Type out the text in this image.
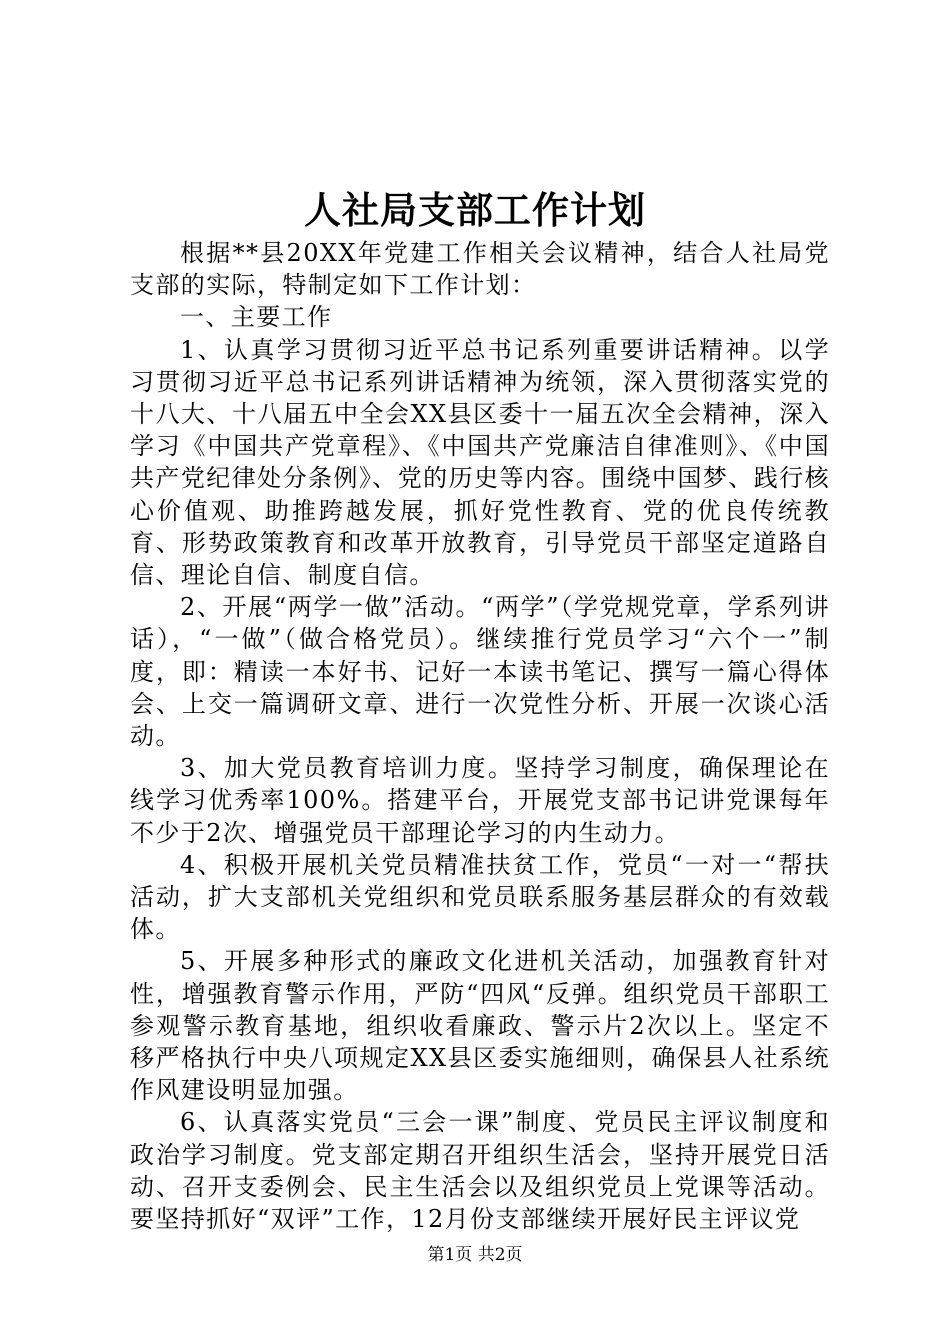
人社局支部工作计划

根据**县20XX年党建工作相关会议精神，结合人社局党支部的实际，特制定如下工作计划：

一、主要工作

1、认真学习贯彻习近平总书记系列重要讲话精神。以学习贯彻习近平总书记系列讲话精神为统领，深入贯彻落实党的十八大、十八届五中全会XX县区委十一届五次全会精神，深入学习《中国共产党章程》、《中国共产党廉洁自律准则》、《中国共产党纪律处分条例》、党的历史等内容。围绕中国梦、践行核心价值观、助推跨越发展，抓好党性教育、党的优良传统教育、形势政策教育和改革开放教育，引导党员干部坚定道路自信、理论自信、制度自信。

2、开展“两学一做”活动。“两学”（学党规党章，学系列讲话），“一做”（做合格党员）。继续推行党员学习“六个一”制度，即：精读一本好书、记好一本读书笔记、撰写一篇心得体会、上交一篇调研文章、进行一次党性分析、开展一次谈心活动。

3、加大党员教育培训力度。坚持学习制度，确保理论在线学习优秀率100%。搭建平台，开展党支部书记讲党课每年不少于2次、增强党员干部理论学习的内生动力。

4、积极开展机关党员精准扶贫工作，党员“一对一“帮扶活动，扩大支部机关党组织和党员联系服务基层群众的有效载体。

5、开展多种形式的廉政文化进机关活动，加强教育针对性，增强教育警示作用，严防“四风“反弹。组织党员干部职工参观警示教育基地，组织收看廉政、警示片2次以上。坚定不移严格执行中央八项规定XX县区委实施细则，确保县人社系统作风建设明显加强。

6、认真落实党员“三会一课”制度、党员民主评议制度和政治学习制度。党支部定期召开组织生活会，坚持开展党日活动、召开支委例会、民主生活会以及组织党员上党课等活动。要坚持抓好“双评”工作，12月份支部继续开展好民主评议党

第1页 共2页
